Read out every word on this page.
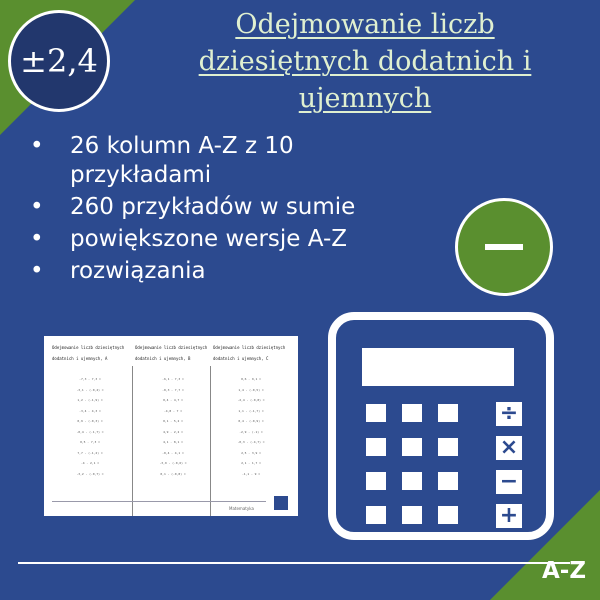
±2,4
Odejmowanie liczb dziesiętnych dodatnich i ujemnych
• 26 kolumn A-Z z 10 przykładami
• 260 przykładów w sumie
• powiększone wersje A-Z
• rozwiązania
Odejmowanie liczb dziesiętnych dodatnich i ujemnych, A
-7,3 - 7,3 =
-3,1 - (-0,4) =
1,2 - (-1,9) =
-3,4 - 4,3 =
0,9 - (-0,3) =
-0,4 - (-1,7) =
0,5 - 7,3 =
7,7 - (-1,2) =
-4 - 2,1 =
-3,2 - (-0,7) =
Odejmowanie liczb dziesiętnych dodatnich i ujemnych, B
-6,1 - 7,3 =
-0,3 - 7,7 =
0,4 - 4,7 =
-4,8 - 7 =
0,1 - 5,2 =
4,9 - 2,2 =
4,1 - 8,1 =
-0,4 - 4,1 =
-3,9 - (-0,6) =
0,1 - (-0,8) =
Odejmowanie liczb dziesiętnych dodatnich i ujemnych, C
0,6 - 9,1 =
1,4 - (-0,5) =
-2,4 - (-0,8) =
1,1 - (-1,7) =
0,4 - (-0,9) =
-2,9 - (-1) =
-0,3 - (-4,7) =
2,5 - 3,9 =
2,1 - 1,7 =
-1,1 - 9 =
Matematyka
÷
×
−
+
A-Z
